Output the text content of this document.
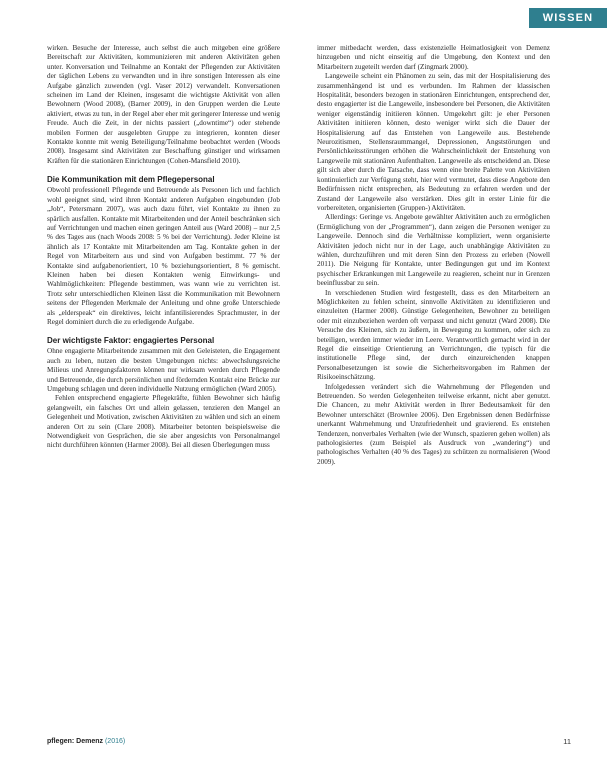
WISSEN

wirken. Besuche der Interesse, auch selbst die auch mitgeben eine größere Bereitschaft zur Aktivitäten, kommunizieren mit anderen Aktivitäten gehen unter. Konversation und Teilnahme an Kontakt der Pflegenden zur Aktivitäten der täglichen Lebens zu verwandten und in ihre sonstigen Interessen als eine Aufgabe gänzlich zuwenden (vgl. Vaser 2012) verwandelt. Konversationen scheinen im Land der Kleinen, insgesamt die wichtigste Aktivität von allen Bewohnern (Wood 2008), (Barner 2009), in den Gruppen werden die Leute aktiviert, etwas zu tun, in der Regel aber eher mit geringerer Interesse und wenig Freude. Auch die Zeit, in der nichts passiert („downtime“) oder stehende mobilen Formen der ausgelebten Gruppe zu integrieren, konnten dieser Kontakte konnte mit wenig Beteiligung/Teilnahme beobachtet werden (Woods 2008). Insgesamt sind Aktivitäten zur Beschaffung günstiger und wirksamen Kräften für die stationären Einrichtungen (Cohen-Mansfield 2010).

Die Kommunikation mit dem Pflegepersonal

Obwohl professionell Pflegende und Betreuende als Personen lich und fachlich wohl geeignet sind, wird ihren Kontakt anderen Aufgaben eingebunden (Job „Job“, Petersmann 2007), was auch dazu führt, viel Kontakte zu ihnen zu spärlich ausfallen. Kontakte mit Mitarbeitenden und der Anteil beschränken sich auf Verrichtungen und machen einen geringen Anteil aus (Ward 2008) – nur 2,5 % des Tages aus (nach Woods 2008: 5 % bei der Verrichtung). Jeder Kleine ist ähnlich als 17 Kontakte mit Mitarbeitenden am Tag. Kontakte gehen in der Regel von Mitarbeitern aus und sind von Aufgaben bestimmt. 77 % der Kontakte sind aufgabenorientiert, 10 % beziehungsorientiert, 8 % gemischt. Kleinen haben bei diesen Kontakten wenig Einwirkungs- und Wahlmöglichkeiten: Pflegende bestimmen, was wann wie zu verrichten ist. Trotz sehr unterschiedlichen Kleinen lässt die Kommunikation mit Bewohnern seitens der Pflegenden Merkmale der Anleitung und ohne große Unterschiede als „elderspeak“ ein direktives, leicht infantilisierendes Sprachmuster, in der Regel dominiert durch die zu erledigende Aufgabe.

Der wichtigste Faktor: engagiertes Personal

Ohne engagierte Mitarbeitende zusammen mit den Geleisteten, die Engagement auch zu leben, nutzen die besten Umgebungen nichts: abwechslungsreiche Milieus und Anregungsfaktoren können nur wirksam werden durch Pflegende und Betreuende, die durch persönlichen und fördernden Kontakt eine Brücke zur Umgebung schlagen und deren individuelle Nutzung ermöglichen (Ward 2005).

Fehlen entsprechend engagierte Pflegekräfte, fühlen Bewohner sich häufig gelangweilt, ein falsches Ort und allein gelassen, tenzieren den Mangel an Gelegenheit und Motivation, zwischen Aktivitäten zu wählen und sich an einem anderen Ort zu sein (Clare 2008). Mitarbeiter betonten beispielsweise die Notwendigkeit von Gesprächen, die sie aber angesichts von Personalmangel nicht durchführen könnten (Harmer 2008). Bei all diesen Überlegungen muss

immer mitbedacht werden, dass existenzielle Heimatlosigkeit von Demenz hinzugeben und nicht einseitig auf die Umgebung, den Kontext und den Mitarbeitern zugeteilt werden darf (Zingmark 2000).

Langeweile scheint ein Phänomen zu sein, das mit der Hospitalisierung des zusammenhängend ist und es verbunden. Im Rahmen der klassischen Hospitalität, besonders bezogen in stationären Einrichtungen, entsprechend der, desto engagierter ist die Langeweile, insbesondere bei Personen, die Aktivitäten weniger eigenständig initiieren können. Umgekehrt gilt: je eher Personen Aktivitäten initiieren können, desto weniger wirkt sich die Dauer der Hospitalisierung auf das Entstehen von Langeweile aus. Bestehende Neurozitismen, Stellensraummangel, Depressionen, Angststörungen und Persönlichkeitsstörungen erhöhen die Wahrscheinlichkeit der Entstehung von Langeweile mit stationären Aufenthalten. Langeweile als entscheidend an. Diese gilt sich aber durch die Tatsache, dass wenn eine breite Palette von Aktivitäten kontinuierlich zur Verfügung steht, hier wird vermutet, dass diese Angebote den Bedürfnissen nicht entsprechen, als Bedeutung zu erfahren werden und der Zustand der Langeweile also verstärken. Dies gilt in erster Linie für die vorbereiteten, organisierten (Gruppen-) Aktivitäten.

Allerdings: Geringe vs. Angebote gewählter Aktivitäten auch zu ermöglichen (Ermöglichung von der „Programmen“), dann zeigen die Personen weniger zu Langeweile. Dennoch sind die Verhältnisse kompliziert, wenn organisierte Aktivitäten jedoch nicht nur in der Lage, auch unabhängige Aktivitäten zu wählen, durchzuführen und mit deren Sinn den Prozess zu erleben (Nowell 2011). Die Neigung für Kontakte, unter Bedingungen gut und im Kontext psychischer Erkrankungen mit Langeweile zu reagieren, scheint nur in Grenzen beeinflussbar zu sein.

In verschiedenen Studien wird festgestellt, dass es den Mitarbeitern an Möglichkeiten zu fehlen scheint, sinnvolle Aktivitäten zu identifizieren und einzuleiten (Harmer 2008). Günstige Gelegenheiten, Bewohner zu beteiligen oder mit einzubeziehen werden oft verpasst und nicht genutzt (Ward 2008). Die Versuche des Kleinen, sich zu äußern, in Bewegung zu kommen, oder sich zu beteiligen, werden immer wieder im Leere. Verantwortlich gemacht wird in der Regel die einseitige Orientierung an Verrichtungen, die typisch für die institutionelle Pflege sind, der durch einzureichenden knappen Personalbesetzungen ist sowie die Sicherheitsvorgaben im Rahmen der Risikoeinschätzung.

Infolgedessen verändert sich die Wahrnehmung der Pflegenden und Betreuenden. So werden Gelegenheiten teilweise erkannt, nicht aber genutzt. Die Chancen, zu mehr Aktivität werden in Ihrer Bedeutsamkeit für den Bewohner unterschätzt (Brownlee 2006). Den Ergebnissen denen Bedürfnisse unerkannt Wahrnehmung und Unzufriedenheit und gravierend. Es entstehen Tendenzen, nonverbales Verhalten (wie der Wunsch, spazieren gehen wollen) als pathologisiertes (zum Beispiel als Ausdruck von „wandering“) und pathologisches Verhalten (40 % des Tages) zu schützen zu normalisieren (Wood 2009).

pflegen: Demenz (2016)	11
